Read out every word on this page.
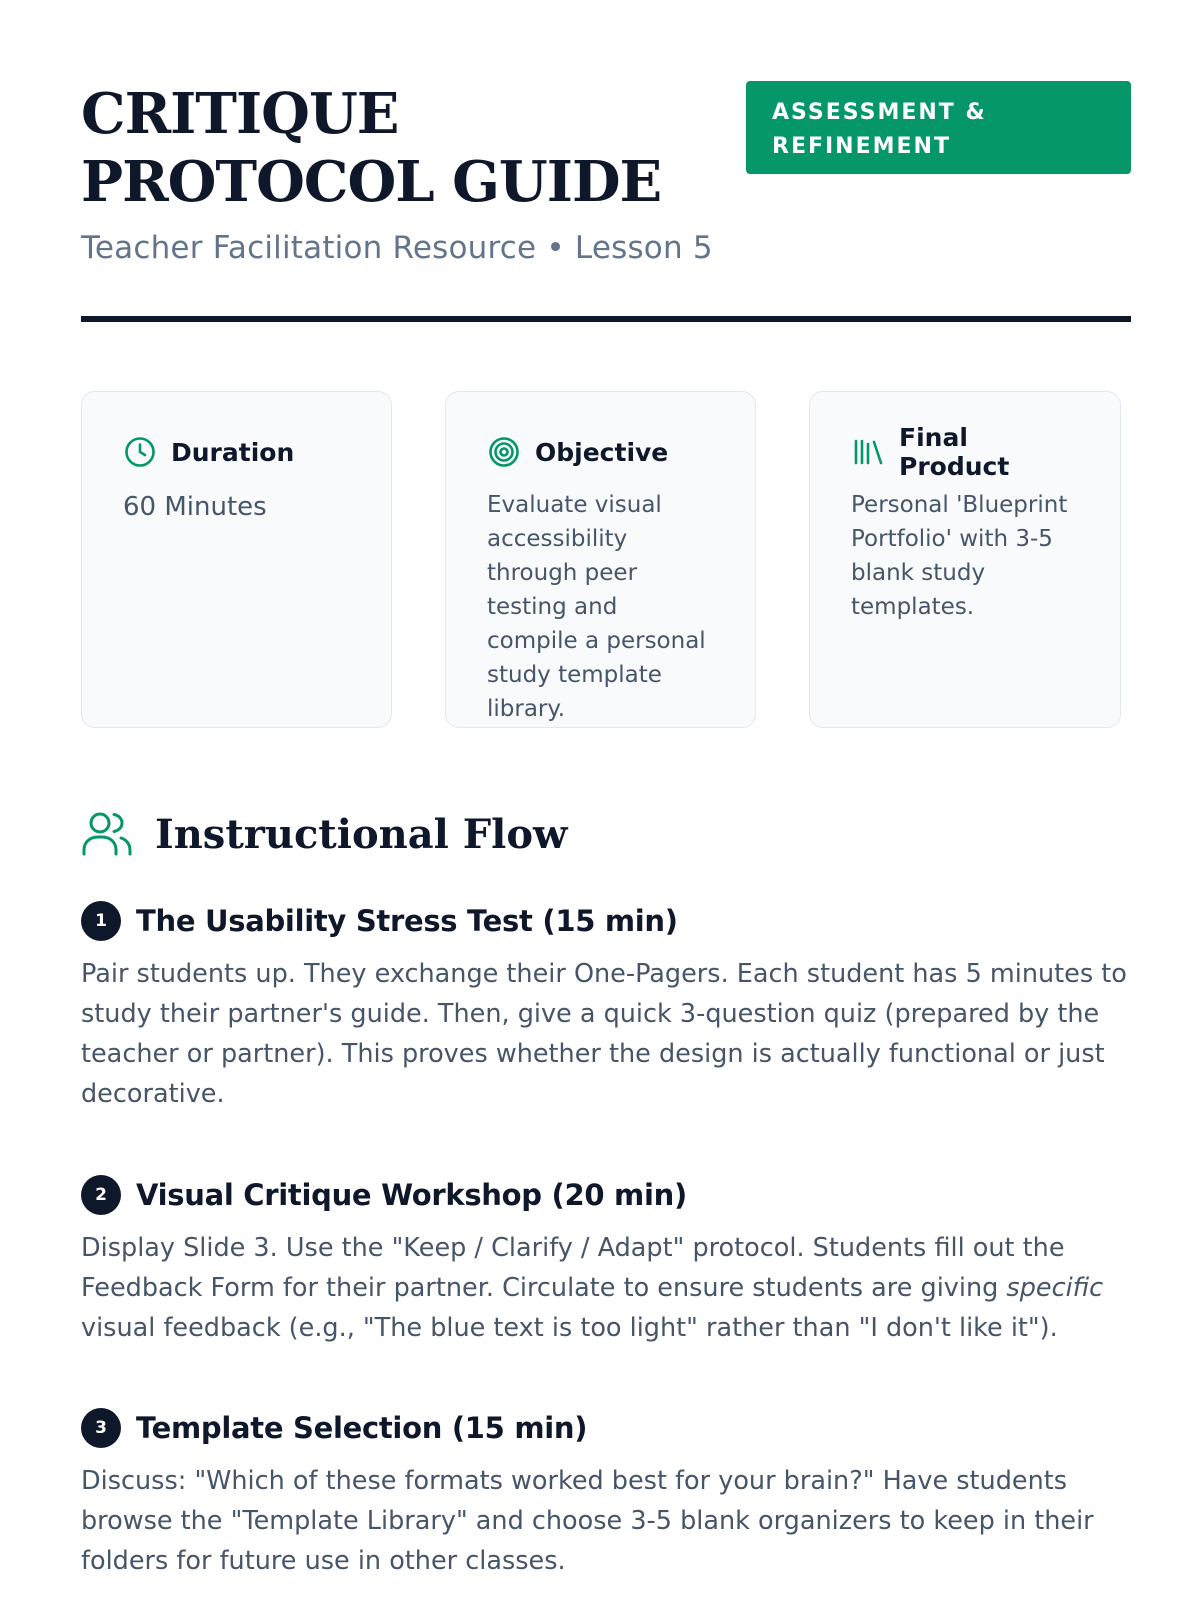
CRITIQUE PROTOCOL GUIDE
ASSESSMENT & REFINEMENT
Teacher Facilitation Resource • Lesson 5
Duration
60 Minutes
Objective
Evaluate visual accessibility through peer testing and compile a personal study template library.
Final Product
Personal 'Blueprint Portfolio' with 3-5 blank study templates.
Instructional Flow
1	The Usability Stress Test (15 min)
Pair students up. They exchange their One-Pagers. Each student has 5 minutes to study their partner's guide. Then, give a quick 3-question quiz (prepared by the teacher or partner). This proves whether the design is actually functional or just decorative.
2	Visual Critique Workshop (20 min)
Display Slide 3. Use the "Keep / Clarify / Adapt" protocol. Students fill out the Feedback Form for their partner. Circulate to ensure students are giving specific visual feedback (e.g., "The blue text is too light" rather than "I don't like it").
3	Template Selection (15 min)
Discuss: "Which of these formats worked best for your brain?" Have students browse the "Template Library" and choose 3-5 blank organizers to keep in their folders for future use in other classes.
